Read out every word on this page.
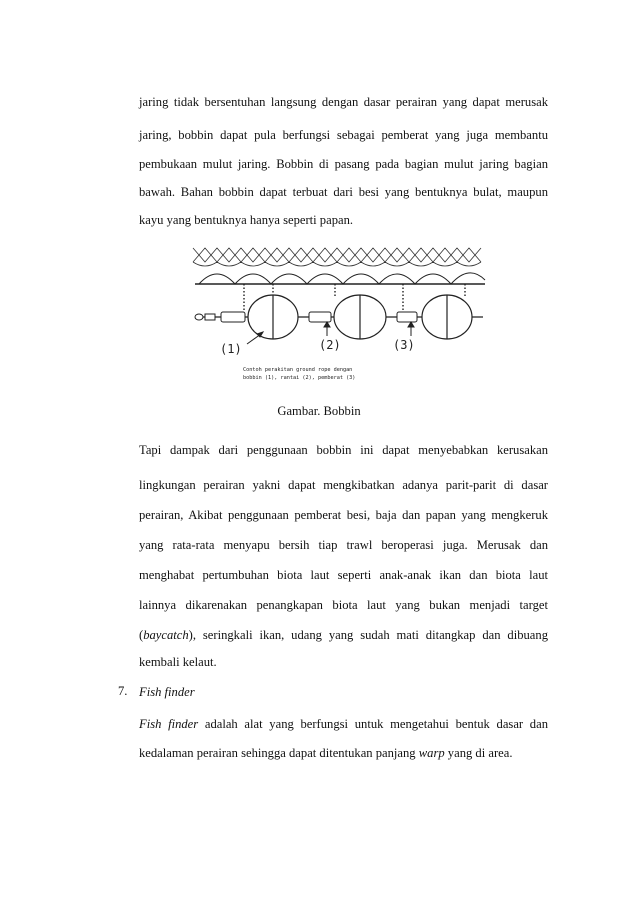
jaring tidak bersentuhan langsung dengan dasar perairan yang dapat merusak
jaring, bobbin dapat pula berfungsi sebagai pemberat yang juga membantu
pembukaan mulut jaring. Bobbin di pasang pada bagian mulut jaring bagian
bawah. Bahan bobbin dapat terbuat dari besi yang bentuknya bulat, maupun
kayu yang bentuknya hanya seperti papan.
(1)	(2)	(3)
Contoh perakitan ground rope dengan
bobbin (1), rantai (2), pemberat (3)
Gambar. Bobbin
Tapi dampak dari penggunaan bobbin ini dapat menyebabkan kerusakan
lingkungan perairan yakni dapat mengkibatkan adanya parit-parit di dasar
perairan, Akibat penggunaan pemberat besi, baja dan papan yang mengkeruk
yang rata-rata menyapu bersih tiap trawl beroperasi juga. Merusak dan
menghabat pertumbuhan biota laut seperti anak-anak ikan dan biota laut
lainnya dikarenakan penangkapan biota laut yang bukan menjadi target
(baycatch), seringkali ikan, udang yang sudah mati ditangkap dan dibuang
kembali kelaut.
7. Fish finder
Fish finder adalah alat yang berfungsi untuk mengetahui bentuk dasar dan
kedalaman perairan sehingga dapat ditentukan panjang warp yang di area.
